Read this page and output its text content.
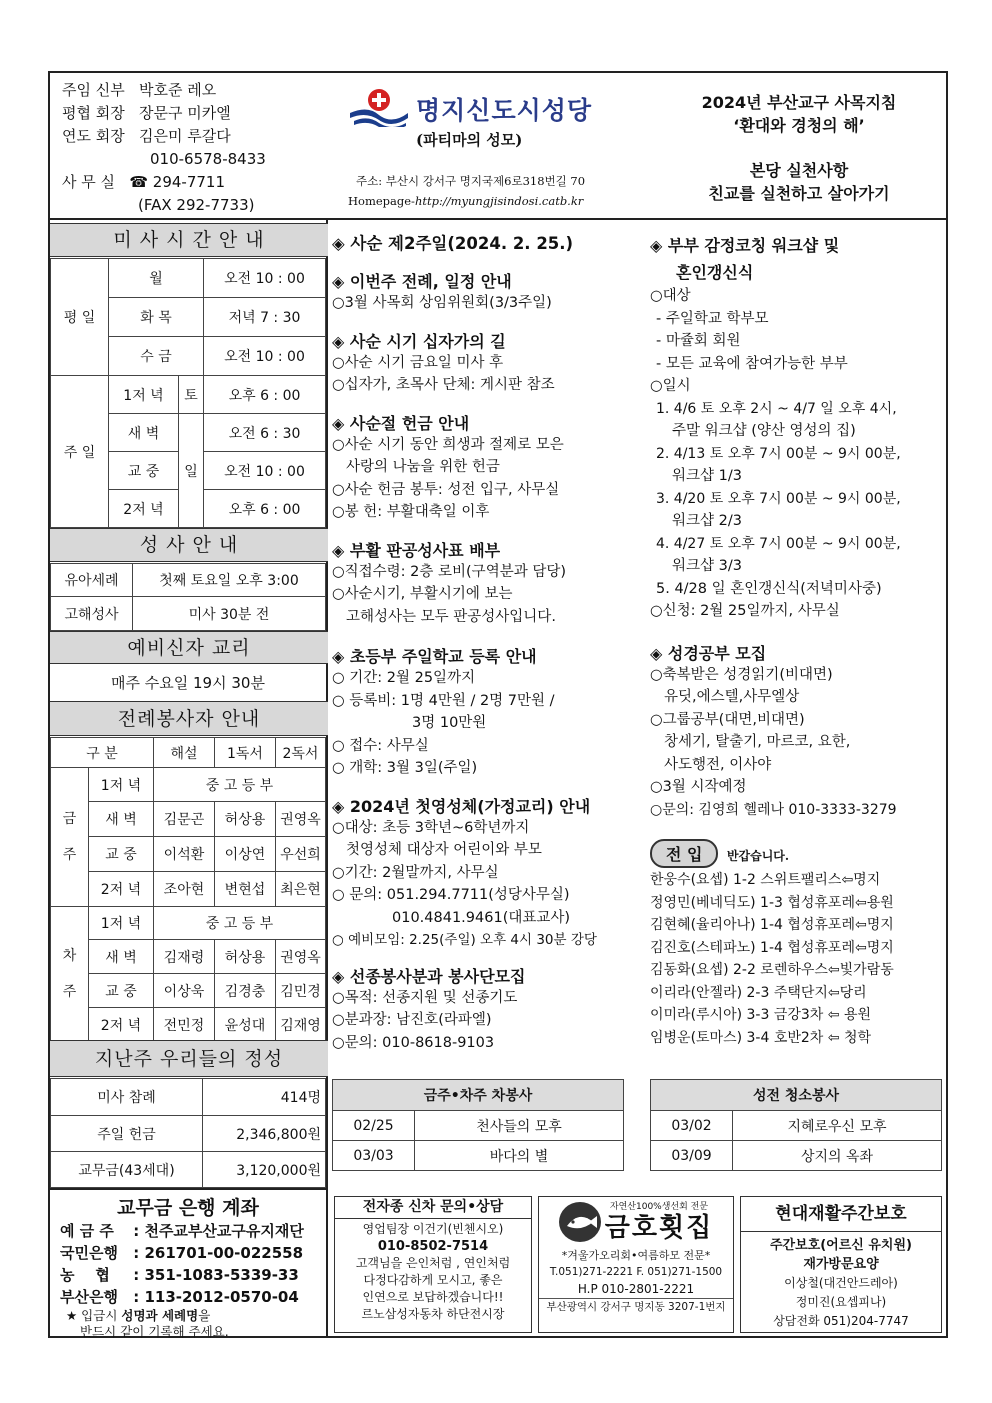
주임 신부 박호준 레오
평협 회장 장문구 미카엘
연도 회장 김은미 루갈다
010-6578-8433
사 무 실 ☎ 294-7711
(FAX 292-7733)
명지신도시성당
(파티마의 성모)
주소: 부산시 강서구 명지국제6로318번길 70
Homepage-http://myungjisindosi.catb.kr
2024년 부산교구 사목지침
‘환대와 경청의 해’
본당 실천사항
친교를 실천하고 살아가기
미 사 시 간 안 내
평 일	월		오전 10 : 00
	화 목		저녁 7 : 30
	수 금		오전 10 : 00
주 일	1저 녁	토	오후 6 : 00
	새 벽	일	오전 6 : 30
	교 중		오전 10 : 00
	2저 녁		오후 6 : 00
성 사 안 내
유아세례	첫째 토요일 오후 3:00
고해성사	미사 30분 전
예비신자 교리
매주 수요일 19시 30분
전례봉사자 안내
구 분		해설	1독서	2독서

금 주	1저 녁	중 고 등 부		
	새 벽	김문곤	허상용	권영옥
	교 중	이석환	이상연	우선희
	2저 녁	조아현	변현섭	최은현

차 주	1저 녁	중 고 등 부		
	새 벽	김재령	허상용	권영옥
	교 중	이상욱	김경충	김민경
	2저 녁	전민정	윤성대	김재영
지난주 우리들의 정성
미사 참례	414명
주일 헌금	2,346,800원
교무금(43세대)	3,120,000원
교무금 은행 계좌
예 금 주 : 천주교부산교구유지재단
국민은행 : 261701-00-022558
농    협 : 351-1083-5339-33
부산은행 : 113-2012-0570-04
★ 입금시 성명과 세례명을
반드시 같이 기록해 주세요.
◈ 사순 제2주일(2024. 2. 25.)
◈ 이번주 전례, 일정 안내
○3월 사목회 상임위원회(3/3주일)
◈ 사순 시기 십자가의 길
○사순 시기 금요일 미사 후
○십자가, 초목사 단체: 게시판 참조
◈ 사순절 헌금 안내
○사순 시기 동안 희생과 절제로 모은
사랑의 나눔을 위한 헌금
○사순 헌금 봉투: 성전 입구, 사무실
○봉 헌: 부활대축일 이후
◈ 부활 판공성사표 배부
○직접수령: 2층 로비(구역분과 담당)
○사순시기, 부활시기에 보는
고해성사는 모두 판공성사입니다.
◈ 초등부 주일학교 등록 안내
○ 기간: 2월 25일까지
○ 등록비: 1명 4만원 / 2명 7만원 /
3명 10만원
○ 접수: 사무실
○ 개학: 3월 3일(주일)
◈ 2024년 첫영성체(가정교리) 안내
○대상: 초등 3학년~6학년까지
첫영성체 대상자 어린이와 부모
○기간: 2월말까지, 사무실
○ 문의: 051.294.7711(성당사무실)
010.4841.9461(대표교사)
○ 예비모임: 2.25(주일) 오후 4시 30분 강당
◈ 선종봉사분과 봉사단모집
○목적: 선종지원 및 선종기도
○분과장: 남진호(라파엘)
○문의: 010-8618-9103
◈ 부부 감정코칭 워크샵 및
혼인갱신식
○대상
- 주일학교 학부모
- 마쥴회 회원
- 모든 교육에 참여가능한 부부
○일시
1. 4/6 토 오후 2시 ~ 4/7 일 오후 4시,
주말 워크샵 (양산 영성의 집)
2. 4/13 토 오후 7시 00분 ~ 9시 00분,
워크샵 1/3
3. 4/20 토 오후 7시 00분 ~ 9시 00분,
워크샵 2/3
4. 4/27 토 오후 7시 00분 ~ 9시 00분,
워크샵 3/3
5. 4/28 일 혼인갱신식(저녁미사중)
○신청: 2월 25일까지, 사무실
◈ 성경공부 모집
○축복받은 성경읽기(비대면)
유딧,에스텔,사무엘상
○그룹공부(대면,비대면)
창세기, 탈출기, 마르코, 요한,
사도행전, 이사야
○3월 시작예정
○문의: 김영희 헬레나 010-3333-3279
전 입 반갑습니다.
한웅수(요셉) 1-2 스위트팰리스⇦명지
정영민(베네딕도) 1-3 협성휴포레⇦용원
김현혜(율리아나) 1-4 협성휴포레⇦명지
김진호(스테파노) 1-4 협성휴포레⇦명지
김동화(요셉) 2-2 로렌하우스⇦빛가람동
이리라(안젤라) 2-3 주택단지⇦당리
이미라(루시아) 3-3 금강3차 ⇦ 용원
임병운(토마스) 3-4 호반2차 ⇦ 청학
금주•차주 차봉사	
02/25	천사들의 모후
03/03	바다의 별
성전 청소봉사	
03/02	지혜로우신 모후
03/09	상지의 옥좌
전자종 신차 문의•상담
영업팀장 이건기(빈첸시오)
010-8502-7514
고객님을 은인처럼 , 연인처럼
다정다감하게 모시고, 좋은
인연으로 보답하겠습니다!!
르노삼성자동차 하단전시장
자연산100%생선회 전문
금호횟집
*겨울가오리회•여름하모 전문*
T.051)271-2221 F. 051)271-1500
H.P 010-2801-2221
부산광역시 강서구 명지동 3207-1번지
현대재활주간보호
주간보호(어르신 유치원)
재가방문요양
이상철(대건안드레아)
정미진(요셉피나)
상담전화 051)204-7747
